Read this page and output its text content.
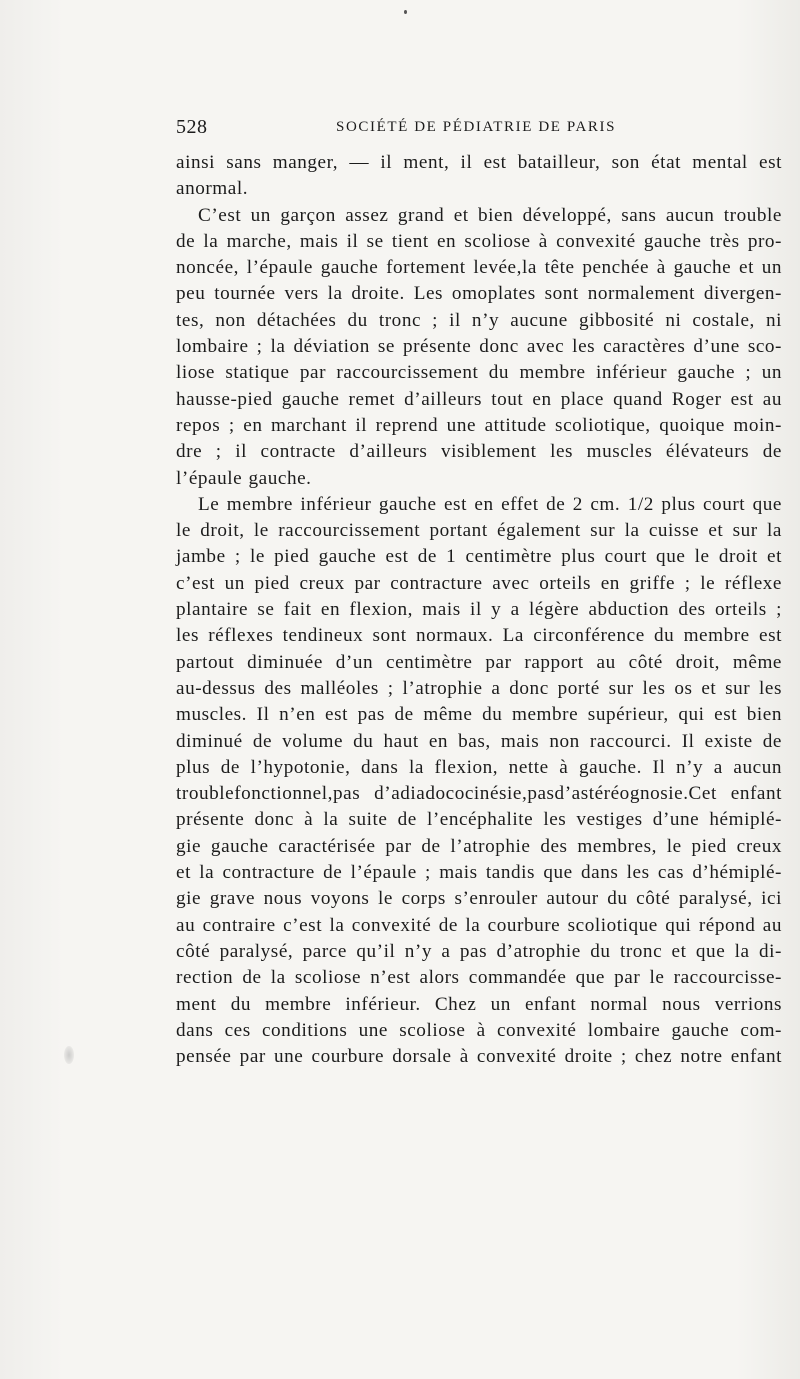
528	SOCIÉTÉ DE PÉDIATRIE DE PARIS
ainsi sans manger, — il ment, il est batailleur, son état mental est
anormal.
C’est un garçon assez grand et bien développé, sans aucun trouble
de la marche, mais il se tient en scoliose à convexité gauche très pro-
noncée, l’épaule gauche fortement levée,la tête penchée à gauche et un
peu tournée vers la droite. Les omoplates sont normalement divergen-
tes, non détachées du tronc ; il n’y aucune gibbosité ni costale, ni
lombaire ; la déviation se présente donc avec les caractères d’une sco-
liose statique par raccourcissement du membre inférieur gauche ; un
hausse-pied gauche remet d’ailleurs tout en place quand Roger est au
repos ; en marchant il reprend une attitude scoliotique, quoique moin-
dre ; il contracte d’ailleurs visiblement les muscles élévateurs de
l’épaule gauche.
Le membre inférieur gauche est en effet de 2 cm. 1/2 plus court que
le droit, le raccourcissement portant également sur la cuisse et sur la
jambe ; le pied gauche est de 1 centimètre plus court que le droit et
c’est un pied creux par contracture avec orteils en griffe ; le réflexe
plantaire se fait en flexion, mais il y a légère abduction des orteils ;
les réflexes tendineux sont normaux. La circonférence du membre est
partout diminuée d’un centimètre par rapport au côté droit, même
au-dessus des malléoles ; l’atrophie a donc porté sur les os et sur les
muscles. Il n’en est pas de même du membre supérieur, qui est bien
diminué de volume du haut en bas, mais non raccourci. Il existe de
plus de l’hypotonie, dans la flexion, nette à gauche. Il n’y a aucun
troublefonctionnel,pas d’adiadococinésie,pasd’astéréognosie.Cet enfant
présente donc à la suite de l’encéphalite les vestiges d’une hémiplé-
gie gauche caractérisée par de l’atrophie des membres, le pied creux
et la contracture de l’épaule ; mais tandis que dans les cas d’hémiplé-
gie grave nous voyons le corps s’enrouler autour du côté paralysé, ici
au contraire c’est la convexité de la courbure scoliotique qui répond au
côté paralysé, parce qu’il n’y a pas d’atrophie du tronc et que la di-
rection de la scoliose n’est alors commandée que par le raccourcisse-
ment du membre inférieur. Chez un enfant normal nous verrions
dans ces conditions une scoliose à convexité lombaire gauche com-
pensée par une courbure dorsale à convexité droite ; chez notre enfant
